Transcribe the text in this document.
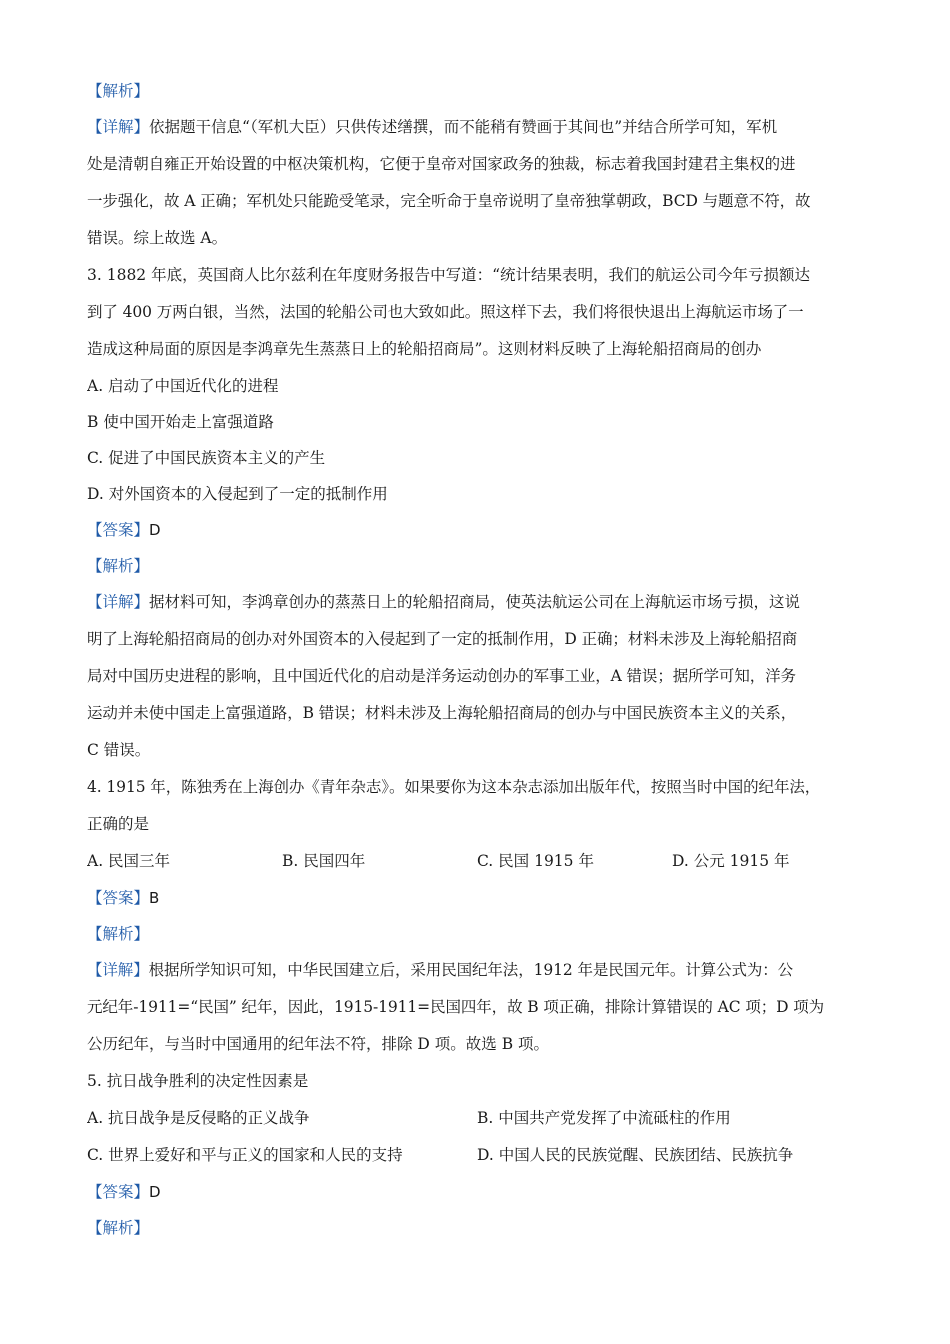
【解析】
【详解】依据题干信息“（军机大臣）只供传述缮撰，而不能稍有赞画于其间也”并结合所学可知，军机
处是清朝自雍正开始设置的中枢决策机构，它便于皇帝对国家政务的独裁，标志着我国封建君主集权的进
一步强化，故 A 正确；军机处只能跪受笔录，完全听命于皇帝说明了皇帝独掌朝政，BCD 与题意不符，故
错误。综上故选 A。
3. 1882 年底，英国商人比尔兹利在年度财务报告中写道：“统计结果表明，我们的航运公司今年亏损额达
到了 400 万两白银，当然，法国的轮船公司也大致如此。照这样下去，我们将很快退出上海航运市场了一
造成这种局面的原因是李鸿章先生蒸蒸日上的轮船招商局”。这则材料反映了上海轮船招商局的创办
A. 启动了中国近代化的进程
B 使中国开始走上富强道路
C. 促进了中国民族资本主义的产生
D. 对外国资本的入侵起到了一定的抵制作用
【答案】D
【解析】
【详解】据材料可知，李鸿章创办的蒸蒸日上的轮船招商局，使英法航运公司在上海航运市场亏损，这说
明了上海轮船招商局的创办对外国资本的入侵起到了一定的抵制作用，D 正确；材料未涉及上海轮船招商
局对中国历史进程的影响，且中国近代化的启动是洋务运动创办的军事工业，A 错误；据所学可知，洋务
运动并未使中国走上富强道路，B 错误；材料未涉及上海轮船招商局的创办与中国民族资本主义的关系，
C 错误。
4. 1915 年，陈独秀在上海创办《青年杂志》。如果要你为这本杂志添加出版年代，按照当时中国的纪年法，
正确的是
A. 民国三年	B. 民国四年	C. 民国 1915 年	D. 公元 1915 年
【答案】B
【解析】
【详解】根据所学知识可知，中华民国建立后，采用民国纪年法，1912 年是民国元年。计算公式为：公
元纪年-1911=“民国” 纪年，因此，1915-1911=民国四年，故 B 项正确，排除计算错误的 AC 项；D 项为
公历纪年，与当时中国通用的纪年法不符，排除 D 项。故选 B 项。
5. 抗日战争胜利的决定性因素是
A. 抗日战争是反侵略的正义战争	B. 中国共产党发挥了中流砥柱的作用
C. 世界上爱好和平与正义的国家和人民的支持	D. 中国人民的民族觉醒、民族团结、民族抗争
【答案】D
【解析】
